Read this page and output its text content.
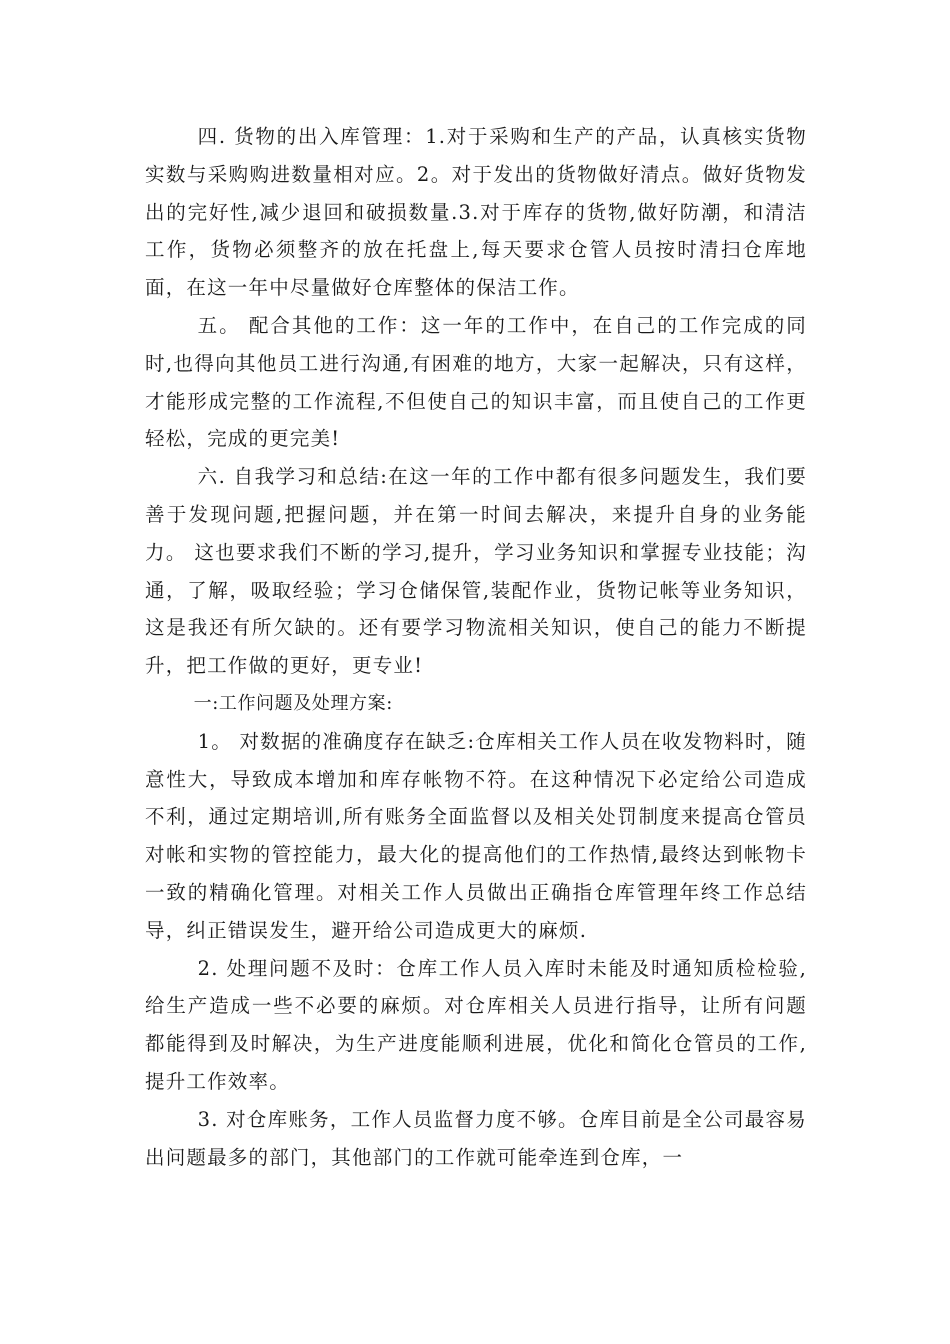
四. 货物的出入库管理：1.对于采购和生产的产品，认真核实货物实数与采购购进数量相对应。2。对于发出的货物做好清点。做好货物发出的完好性,减少退回和破损数量.3.对于库存的货物,做好防潮，和清洁工作，货物必须整齐的放在托盘上,每天要求仓管人员按时清扫仓库地面，在这一年中尽量做好仓库整体的保洁工作。

五。 配合其他的工作：这一年的工作中，在自己的工作完成的同时,也得向其他员工进行沟通,有困难的地方，大家一起解决，只有这样，才能形成完整的工作流程,不但使自己的知识丰富，而且使自己的工作更轻松，完成的更完美!

六. 自我学习和总结:在这一年的工作中都有很多问题发生，我们要善于发现问题,把握问题，并在第一时间去解决，来提升自身的业务能力。 这也要求我们不断的学习,提升，学习业务知识和掌握专业技能；沟通，了解，吸取经验；学习仓储保管,装配作业，货物记帐等业务知识，这是我还有所欠缺的。还有要学习物流相关知识，使自己的能力不断提升，把工作做的更好，更专业!

一:工作问题及处理方案:

1。 对数据的准确度存在缺乏:仓库相关工作人员在收发物料时，随意性大，导致成本增加和库存帐物不符。在这种情况下必定给公司造成不利，通过定期培训,所有账务全面监督以及相关处罚制度来提高仓管员对帐和实物的管控能力，最大化的提高他们的工作热情,最终达到帐物卡一致的精确化管理。对相关工作人员做出正确指仓库管理年终工作总结导，纠正错误发生，避开给公司造成更大的麻烦.

2. 处理问题不及时：仓库工作人员入库时未能及时通知质检检验,给生产造成一些不必要的麻烦。对仓库相关人员进行指导，让所有问题都能得到及时解决，为生产进度能顺利进展，优化和简化仓管员的工作,提升工作效率。

3. 对仓库账务，工作人员监督力度不够。仓库目前是全公司最容易出问题最多的部门，其他部门的工作就可能牵连到仓库，一
